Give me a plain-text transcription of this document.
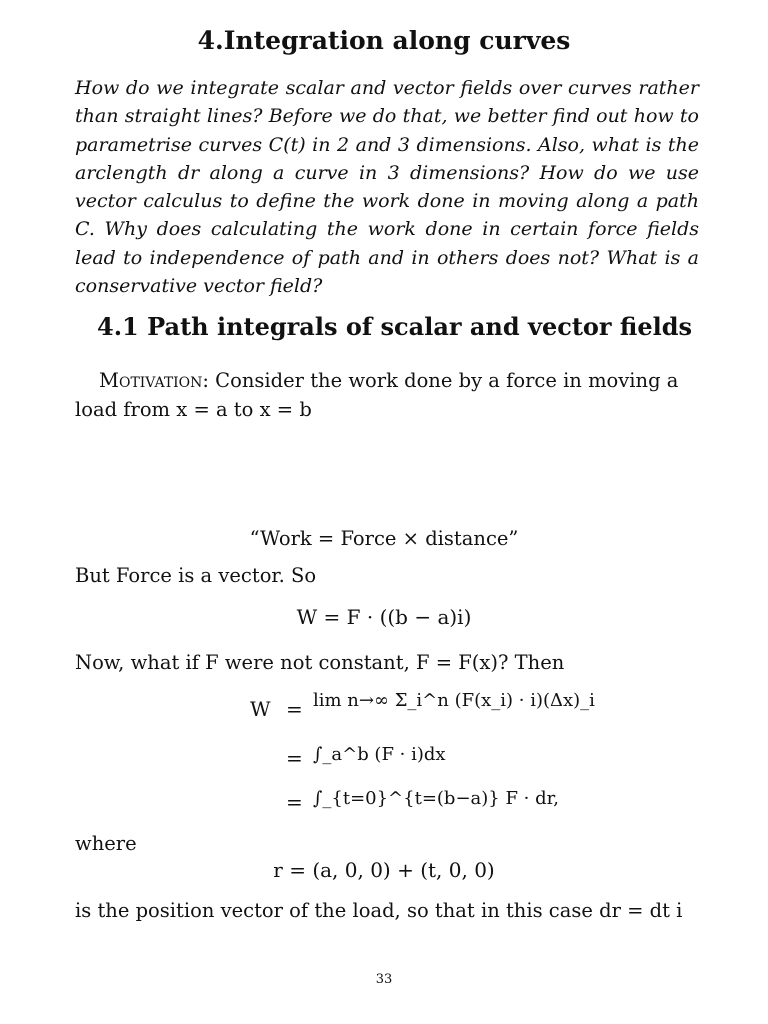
4.Integration along curves
How do we integrate scalar and vector fields over curves rather than straight lines? Before we do that, we better find out how to parametrise curves C(t) in 2 and 3 dimensions. Also, what is the arclength dr along a curve in 3 dimensions? How do we use vector calculus to define the work done in moving along a path C. Why does calculating the work done in certain force fields lead to independence of path and in others does not? What is a conservative vector field?
4.1 Path integrals of scalar and vector fields
Motivation: Consider the work done by a force in moving a load from x = a to x = b
“Work = Force × distance”
But Force is a vector. So
W = F · ((b − a)i)
Now, what if F were not constant, F = F(x)? Then
W = lim n→∞ Σ_i^n (F(x_i) · i)(Δx)_i
= ∫_a^b (F · i)dx
= ∫_{t=0}^{t=(b−a)} F · dr,
where
r = (a, 0, 0) + (t, 0, 0)
is the position vector of the load, so that in this case dr = dt i
33
